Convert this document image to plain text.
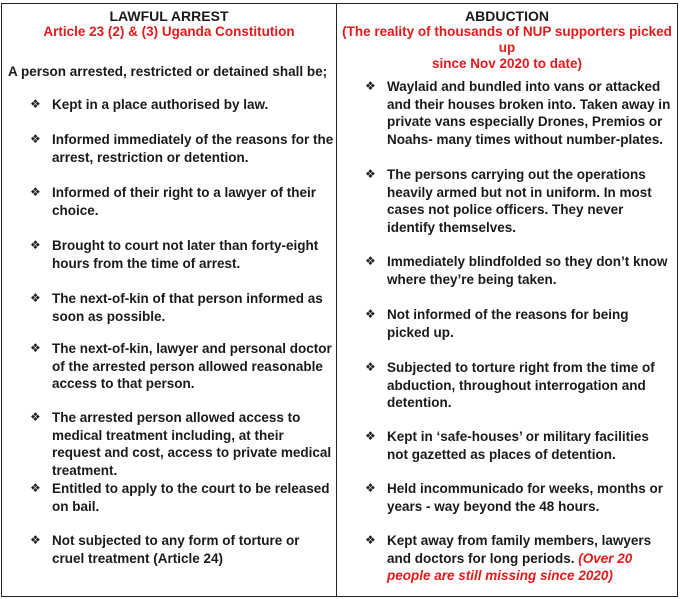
LAWFUL ARREST
Article 23 (2) & (3) Uganda Constitution
A person arrested, restricted or detained shall be;
❖ Kept in a place authorised by law.
❖ Informed immediately of the reasons for the arrest, restriction or detention.
❖ Informed of their right to a lawyer of their choice.
❖ Brought to court not later than forty-eight hours from the time of arrest.
❖ The next-of-kin of that person informed as soon as possible.
❖ The next-of-kin, lawyer and personal doctor of the arrested person allowed reasonable access to that person.
❖ The arrested person allowed access to medical treatment including, at their request and cost, access to private medical treatment.
❖ Entitled to apply to the court to be released on bail.
❖ Not subjected to any form of torture or cruel treatment (Article 24)
ABDUCTION
(The reality of thousands of NUP supporters picked up
since Nov 2020 to date)
❖ Waylaid and bundled into vans or attacked and their houses broken into. Taken away in private vans especially Drones, Premios or Noahs- many times without number-plates.
❖ The persons carrying out the operations heavily armed but not in uniform. In most cases not police officers. They never identify themselves.
❖ Immediately blindfolded so they don’t know where they’re being taken.
❖ Not informed of the reasons for being picked up.
❖ Subjected to torture right from the time of abduction, throughout interrogation and detention.
❖ Kept in ‘safe-houses’ or military facilities not gazetted as places of detention.
❖ Held incommunicado for weeks, months or years - way beyond the 48 hours.
❖ Kept away from family members, lawyers and doctors for long periods. (Over 20 people are still missing since 2020)
